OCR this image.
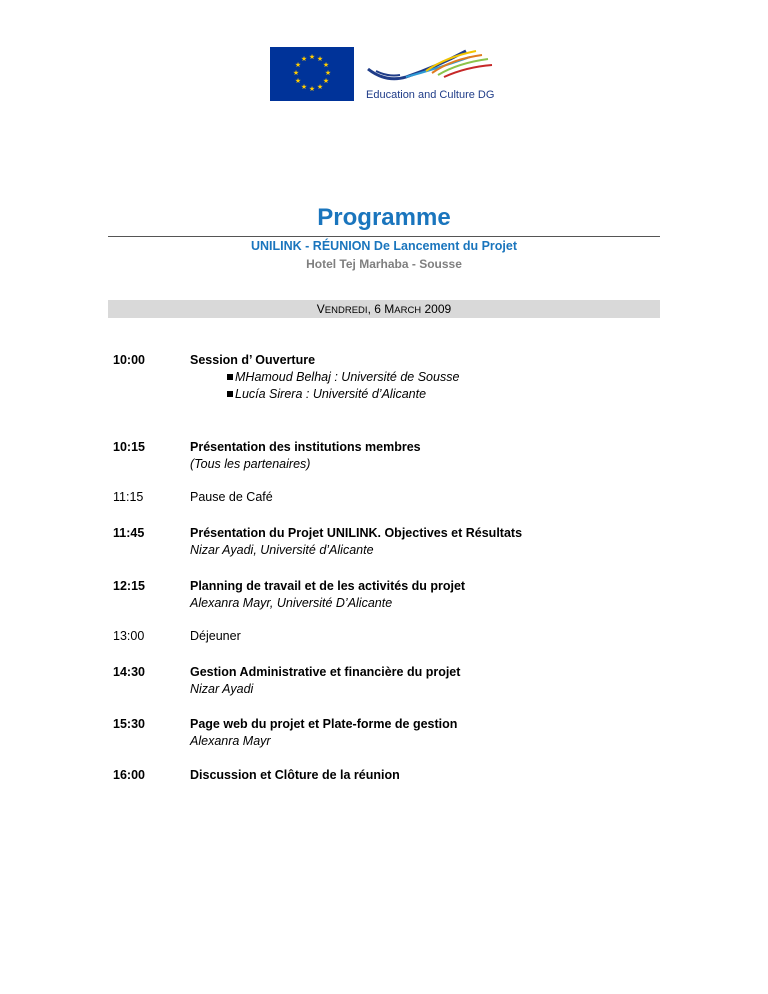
★ ★
★
★
★
★
★
★
★
★
★
★
Education and Culture DG
Programme
UNILINK - RÉUNION De Lancement du Projet
Hotel Tej Marhaba - Sousse
VENDREDI, 6 MARCH 2009
10:00	Session d’ Ouverture
MHamoud Belhaj : Université de Sousse
Lucía Sirera : Université d’Alicante
10:15	Présentation des institutions membres
(Tous les partenaires)
11:15	Pause de Café
11:45	Présentation du Projet UNILINK. Objectives et Résultats
Nizar Ayadi, Université d’Alicante
12:15	Planning de travail et de les activités du projet
Alexanra Mayr, Université D’Alicante
13:00	Déjeuner
14:30	Gestion Administrative et financière du projet
Nizar Ayadi
15:30	Page web du projet et Plate-forme de gestion
Alexanra Mayr
16:00	Discussion et Clôture de la réunion
